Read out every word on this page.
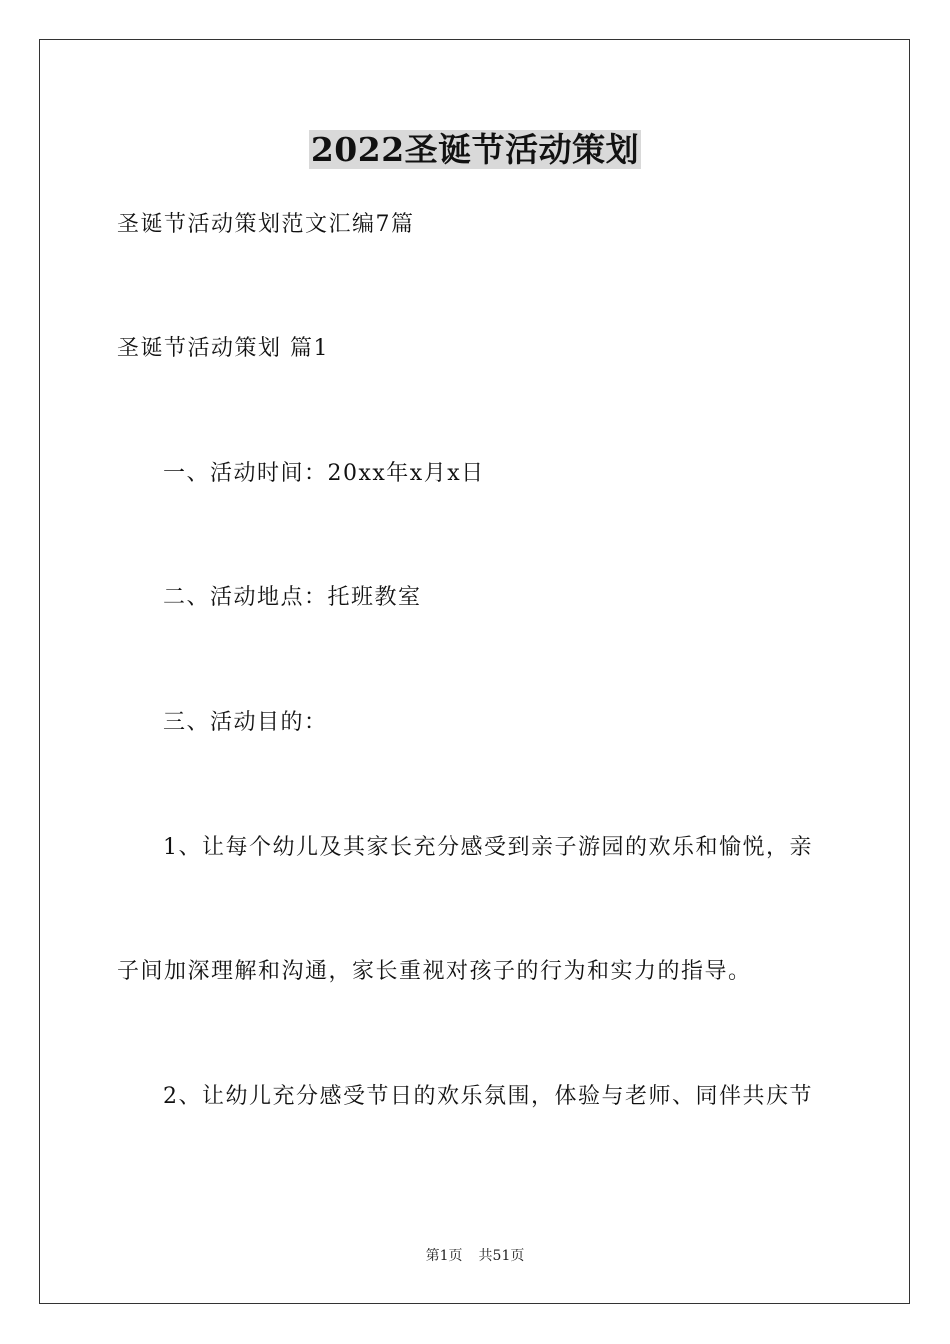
2022圣诞节活动策划
圣诞节活动策划范文汇编7篇
圣诞节活动策划 篇1
一、活动时间：20xx年x月x日
二、活动地点：托班教室
三、活动目的：
1、让每个幼儿及其家长充分感受到亲子游园的欢乐和愉悦，亲
子间加深理解和沟通，家长重视对孩子的行为和实力的指导。
2、让幼儿充分感受节日的欢乐氛围，体验与老师、同伴共庆节
第1页 共51页
